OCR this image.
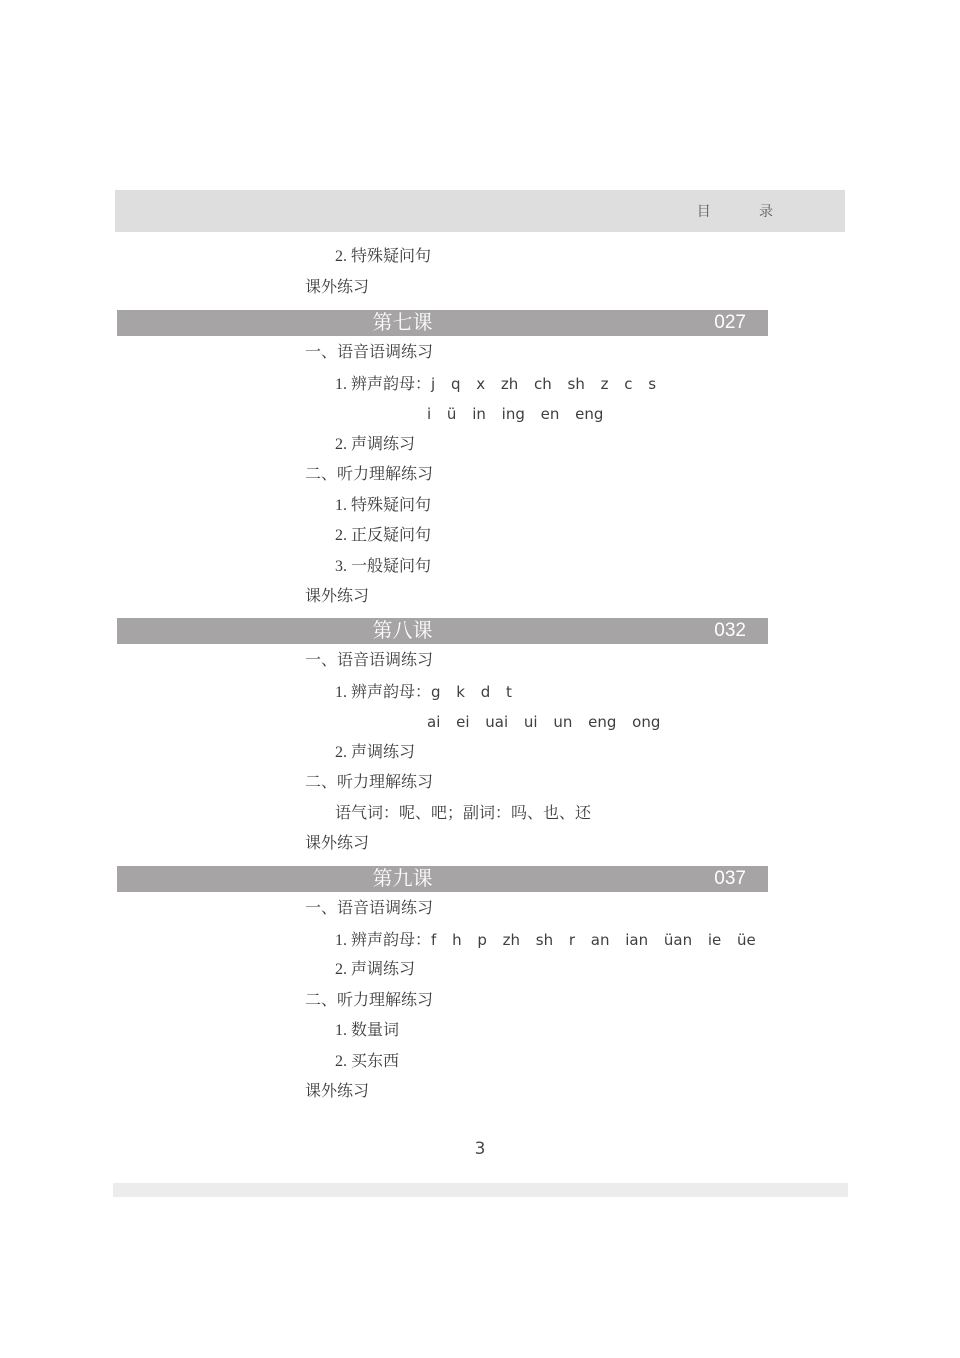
目 录
2. 特殊疑问句
课外练习
第七课	027
一、语音语调练习
1. 辨声韵母：j q x zh ch sh z c s
i ü in ing en eng
2. 声调练习
二、听力理解练习
1. 特殊疑问句
2. 正反疑问句
3. 一般疑问句
课外练习
第八课	032
一、语音语调练习
1. 辨声韵母：g k d t
ai ei uai ui un eng ong
2. 声调练习
二、听力理解练习
语气词：呢、吧；副词：吗、也、还
课外练习
第九课	037
一、语音语调练习
1. 辨声韵母：f h p zh sh r an ian üan ie üe
2. 声调练习
二、听力理解练习
1. 数量词
2. 买东西
课外练习
3
